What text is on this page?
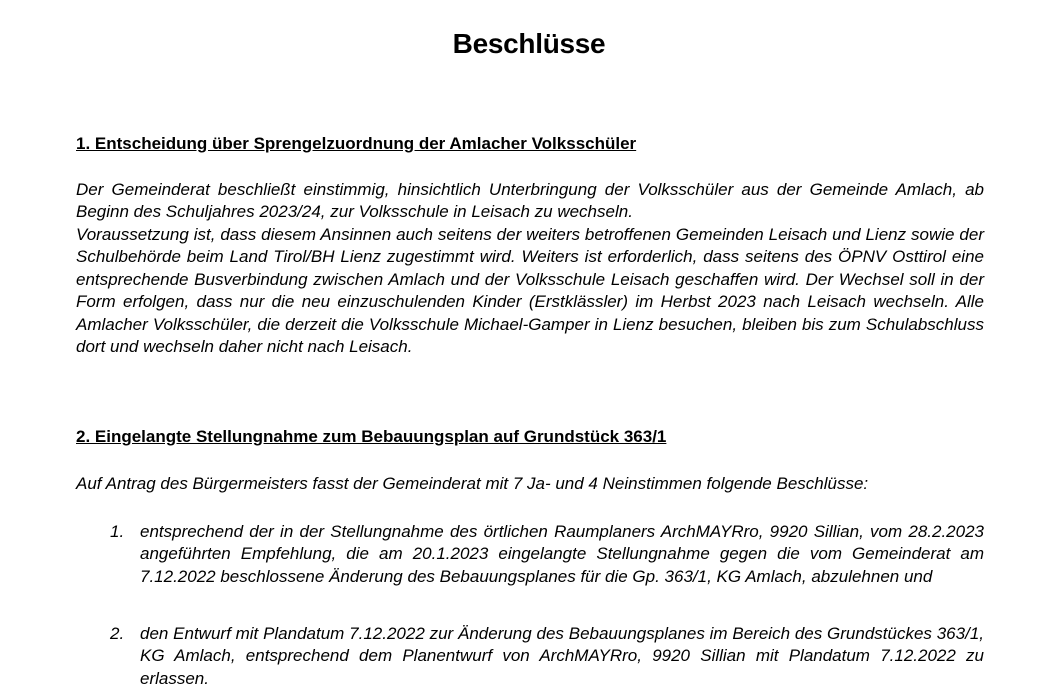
Beschlüsse
1. Entscheidung über Sprengelzuordnung der Amlacher Volksschüler

Der Gemeinderat beschließt einstimmig, hinsichtlich Unterbringung der Volksschüler aus der Gemeinde Amlach, ab Beginn des Schuljahres 2023/24, zur Volksschule in Leisach zu wechseln.

Voraussetzung ist, dass diesem Ansinnen auch seitens der weiters betroffenen Gemeinden Leisach und Lienz sowie der Schulbehörde beim Land Tirol/BH Lienz zugestimmt wird. Weiters ist erforderlich, dass seitens des ÖPNV Osttirol eine entsprechende Busverbindung zwischen Amlach und der Volksschule Leisach geschaffen wird. Der Wechsel soll in der Form erfolgen, dass nur die neu einzuschulenden Kinder (Erstklässler) im Herbst 2023 nach Leisach wechseln. Alle Amlacher Volksschüler, die derzeit die Volksschule Michael-Gamper in Lienz besuchen, bleiben bis zum Schulabschluss dort und wechseln daher nicht nach Leisach.

2. Eingelangte Stellungnahme zum Bebauungsplan auf Grundstück 363/1

Auf Antrag des Bürgermeisters fasst der Gemeinderat mit 7 Ja- und 4 Neinstimmen folgende Beschlüsse:

1. entsprechend der in der Stellungnahme des örtlichen Raumplaners ArchMAYRro, 9920 Sillian, vom 28.2.2023 angeführten Empfehlung, die am 20.1.2023 eingelangte Stellungnahme gegen die vom Gemeinderat am 7.12.2022 beschlossene Änderung des Bebauungsplanes für die Gp. 363/1, KG Amlach, abzulehnen und
2. den Entwurf mit Plandatum 7.12.2022 zur Änderung des Bebauungsplanes im Bereich des Grundstückes 363/1, KG Amlach, entsprechend dem Planentwurf von ArchMAYRro, 9920 Sillian mit Plandatum 7.12.2022 zu erlassen.
